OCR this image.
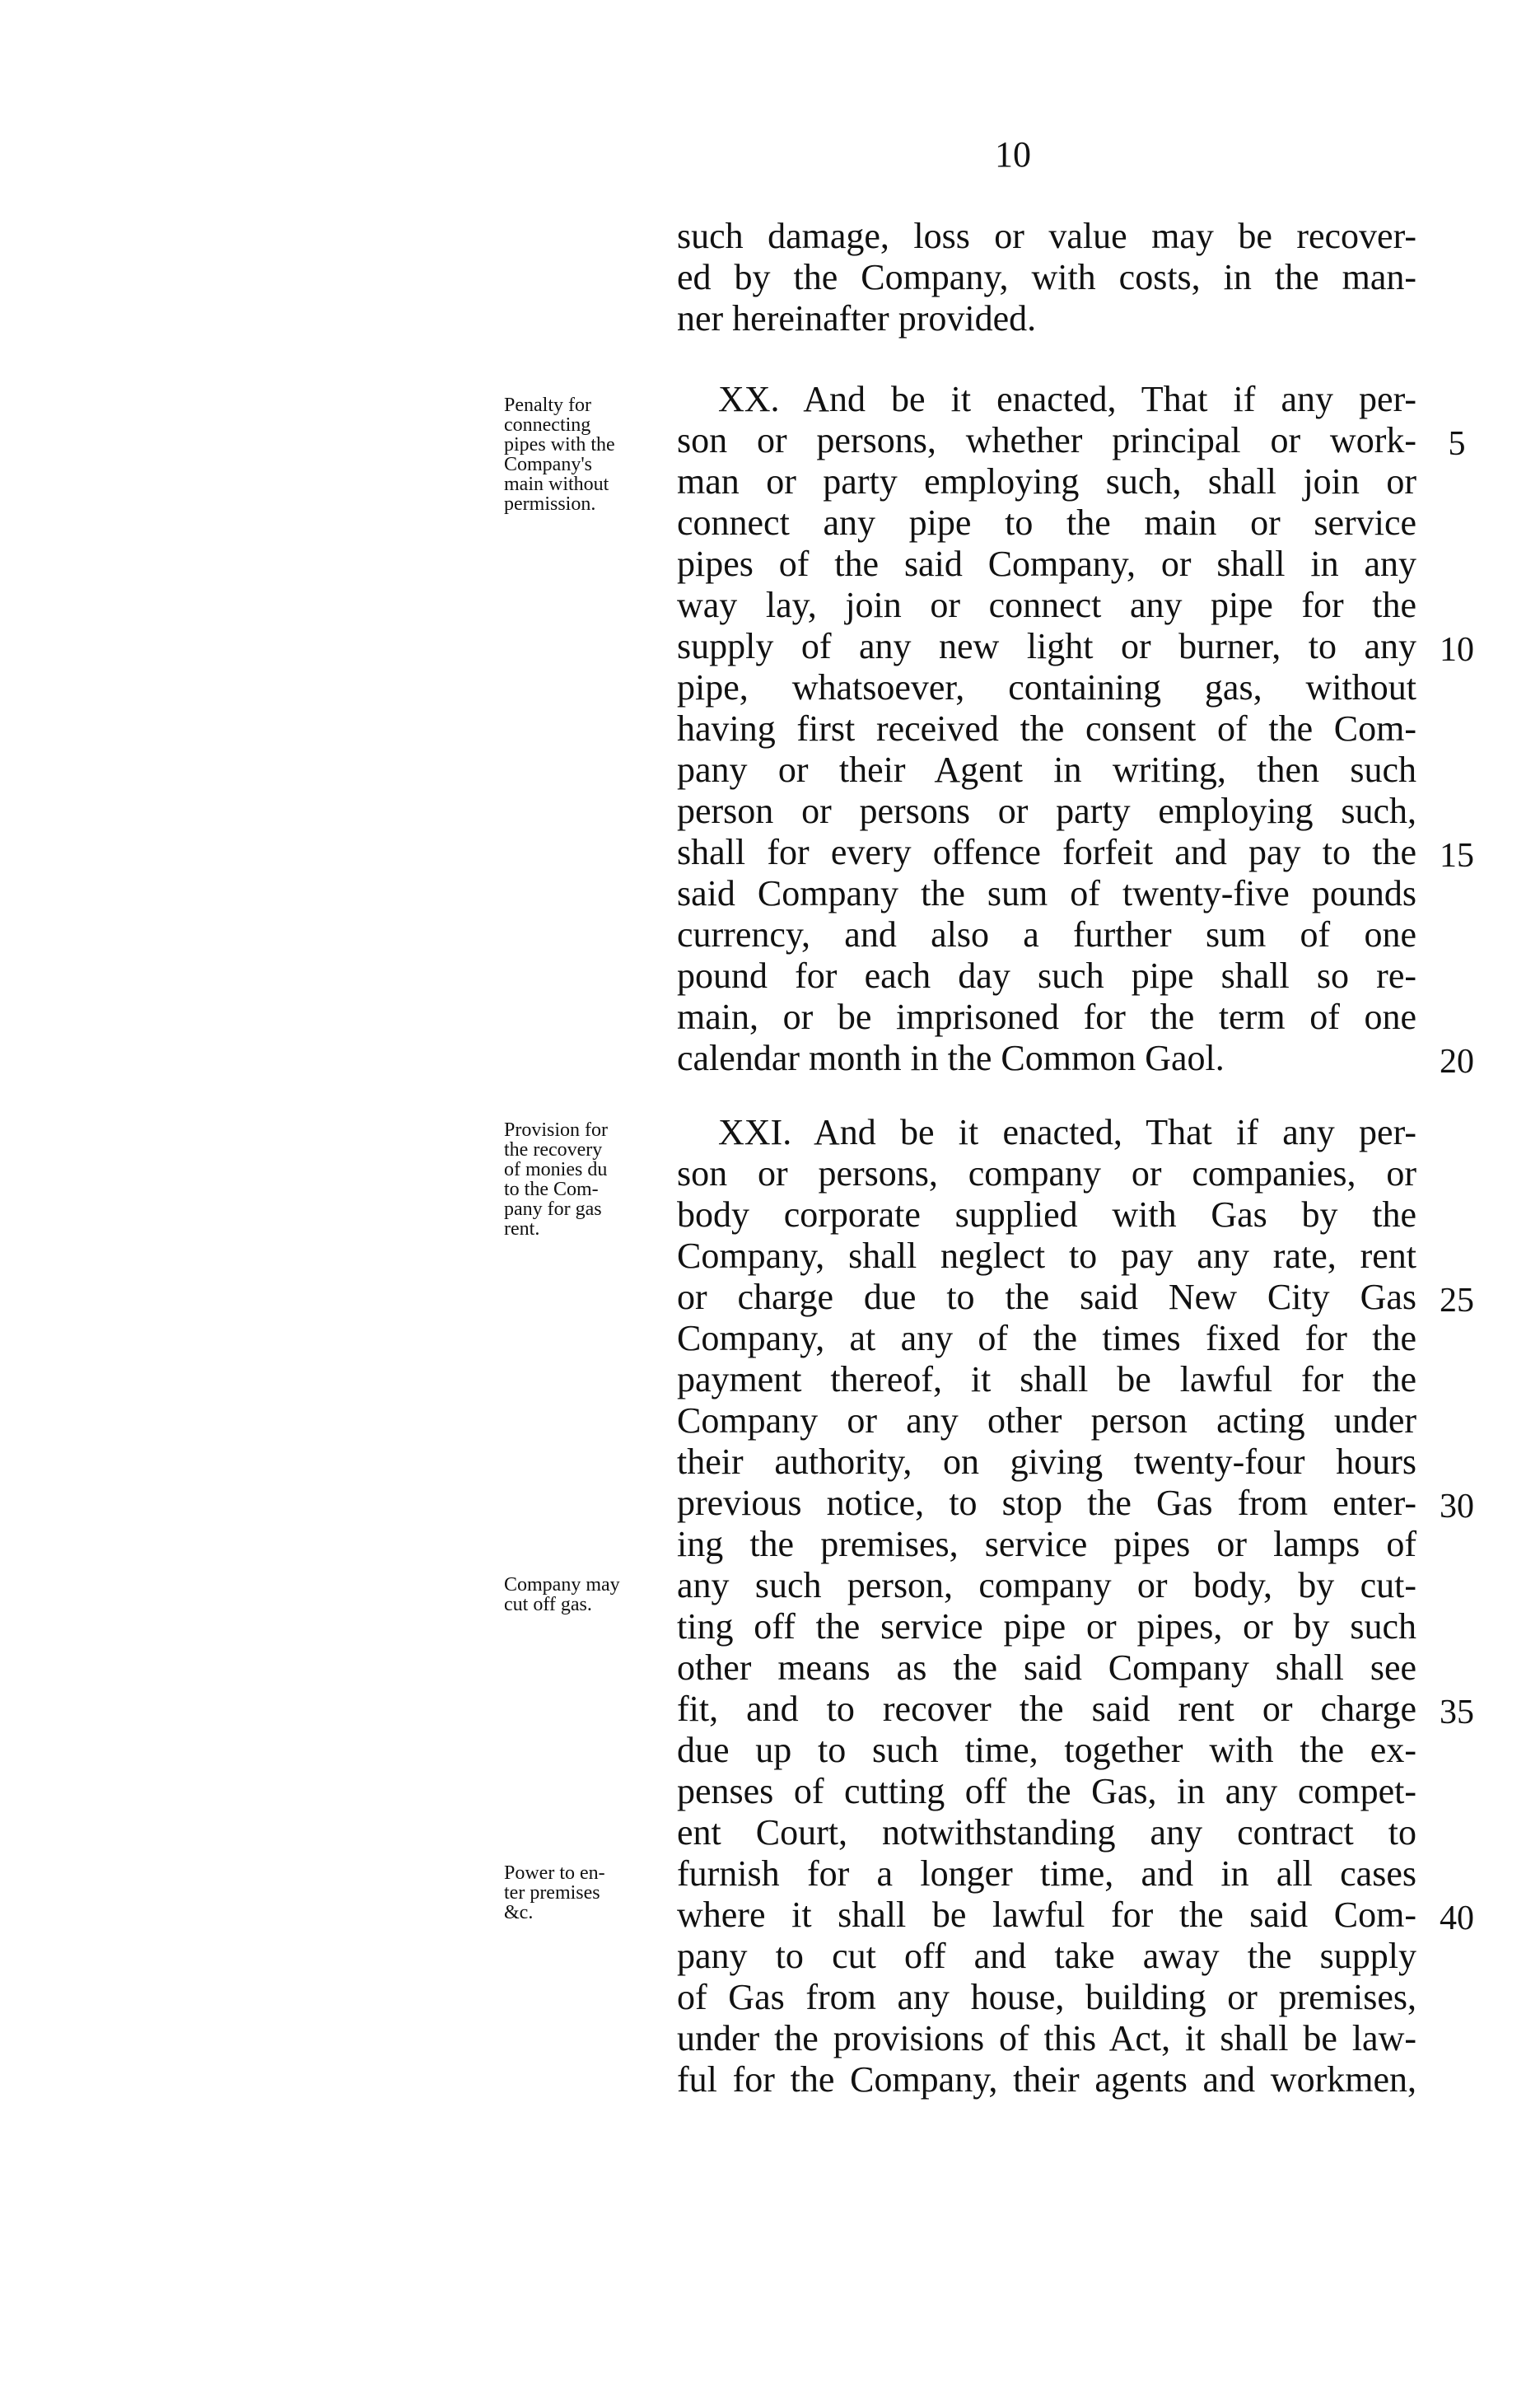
10
such damage, loss or value may be recover-
ed by the Company, with costs, in the man-
ner hereinafter provided.
XX. And be it enacted, That if any per-
son or persons, whether principal or work-
man or party employing such, shall join or
connect any pipe to the main or service
pipes of the said Company, or shall in any
way lay, join or connect any pipe for the
supply of any new light or burner, to any
pipe, whatsoever, containing gas, without
having first received the consent of the Com-
pany or their Agent in writing, then such
person or persons or party employing such,
shall for every offence forfeit and pay to the
said Company the sum of twenty-five pounds
currency, and also a further sum of one
pound for each day such pipe shall so re-
main, or be imprisoned for the term of one
calendar month in the Common Gaol.
XXI. And be it enacted, That if any per-
son or persons, company or companies, or
body corporate supplied with Gas by the
Company, shall neglect to pay any rate, rent
or charge due to the said New City Gas
Company, at any of the times fixed for the
payment thereof, it shall be lawful for the
Company or any other person acting under
their authority, on giving twenty-four hours
previous notice, to stop the Gas from enter-
ing the premises, service pipes or lamps of
any such person, company or body, by cut-
ting off the service pipe or pipes, or by such
other means as the said Company shall see
fit, and to recover the said rent or charge
due up to such time, together with the ex-
penses of cutting off the Gas, in any compet-
ent Court, notwithstanding any contract to
furnish for a longer time, and in all cases
where it shall be lawful for the said Com-
pany to cut off and take away the supply
of Gas from any house, building or premises,
under the provisions of this Act, it shall be law-
ful for the Company, their agents and workmen,
Penalty for
connecting
pipes with the
Company's
main without
permission.
Provision for
the recovery
of monies du
to the Com-
pany for gas
rent.
Company may
cut off gas.
Power to en-
ter premises
&c.
5
10
15
20
25
30
35
40
